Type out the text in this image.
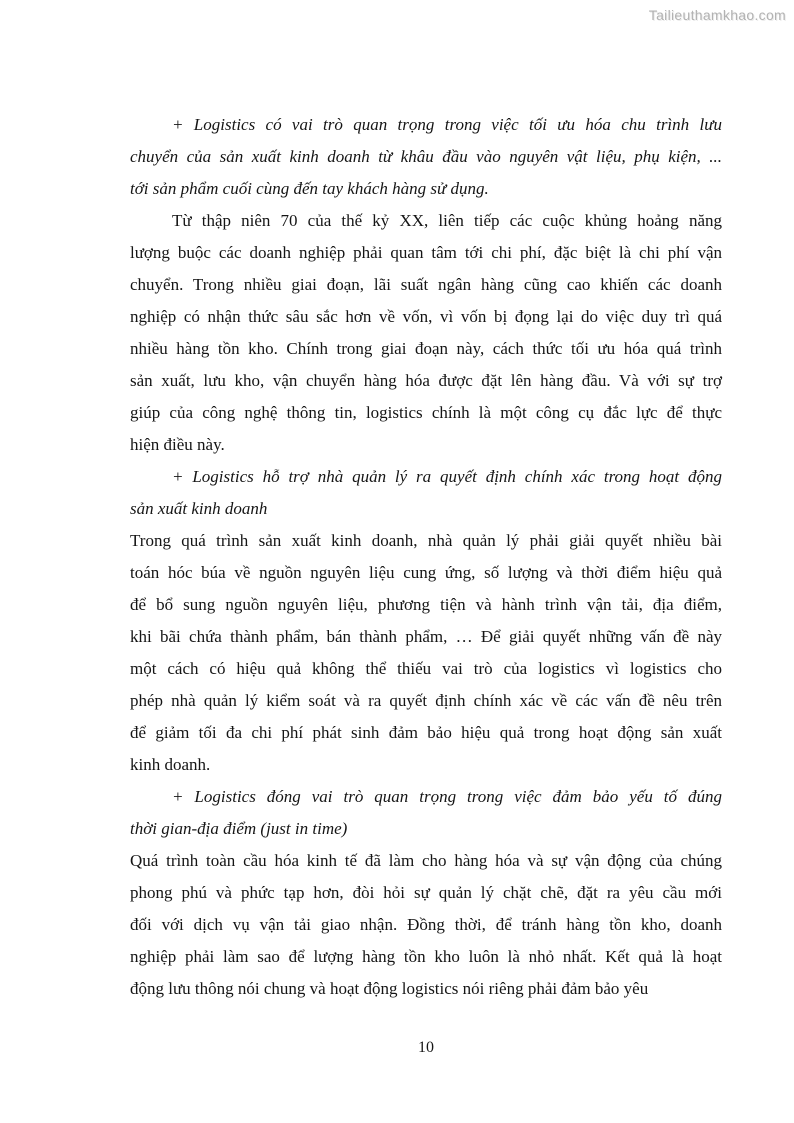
Tailieuthamkhao.com
+ Logistics có vai trò quan trọng trong việc tối ưu hóa chu trình lưu
chuyển của sản xuất kinh doanh từ khâu đầu vào nguyên vật liệu, phụ kiện, ...
tới sản phẩm cuối cùng đến tay khách hàng sử dụng.
Từ thập niên 70 của thế kỷ XX, liên tiếp các cuộc khủng hoảng năng
lượng buộc các doanh nghiệp phải quan tâm tới chi phí, đặc biệt là chi phí vận
chuyển. Trong nhiều giai đoạn, lãi suất ngân hàng cũng cao khiến các doanh
nghiệp có nhận thức sâu sắc hơn về vốn, vì vốn bị đọng lại do việc duy trì quá
nhiều hàng tồn kho. Chính trong giai đoạn này, cách thức tối ưu hóa quá trình
sản xuất, lưu kho, vận chuyển hàng hóa được đặt lên hàng đầu. Và với sự trợ
giúp của công nghệ thông tin, logistics chính là một công cụ đắc lực để thực
hiện điều này.
+ Logistics hỗ trợ nhà quản lý ra quyết định chính xác trong hoạt động
sản xuất kinh doanh
Trong quá trình sản xuất kinh doanh, nhà quản lý phải giải quyết nhiều bài
toán hóc búa về nguồn nguyên liệu cung ứng, số lượng và thời điểm hiệu quả
để bổ sung nguồn nguyên liệu, phương tiện và hành trình vận tải, địa điểm,
khi bãi chứa thành phẩm, bán thành phẩm, … Để giải quyết những vấn đề này
một cách có hiệu quả không thể thiếu vai trò của logistics vì logistics cho
phép nhà quản lý kiểm soát và ra quyết định chính xác về các vấn đề nêu trên
để giảm tối đa chi phí phát sinh đảm bảo hiệu quả trong hoạt động sản xuất
kinh doanh.
+ Logistics đóng vai trò quan trọng trong việc đảm bảo yếu tố đúng
thời gian-địa điểm (just in time)
Quá trình toàn cầu hóa kinh tế đã làm cho hàng hóa và sự vận động của chúng
phong phú và phức tạp hơn, đòi hỏi sự quản lý chặt chẽ, đặt ra yêu cầu mới
đối với dịch vụ vận tải giao nhận. Đồng thời, để tránh hàng tồn kho, doanh
nghiệp phải làm sao để lượng hàng tồn kho luôn là nhỏ nhất. Kết quả là hoạt
động lưu thông nói chung và hoạt động logistics nói riêng phải đảm bảo yêu
10
